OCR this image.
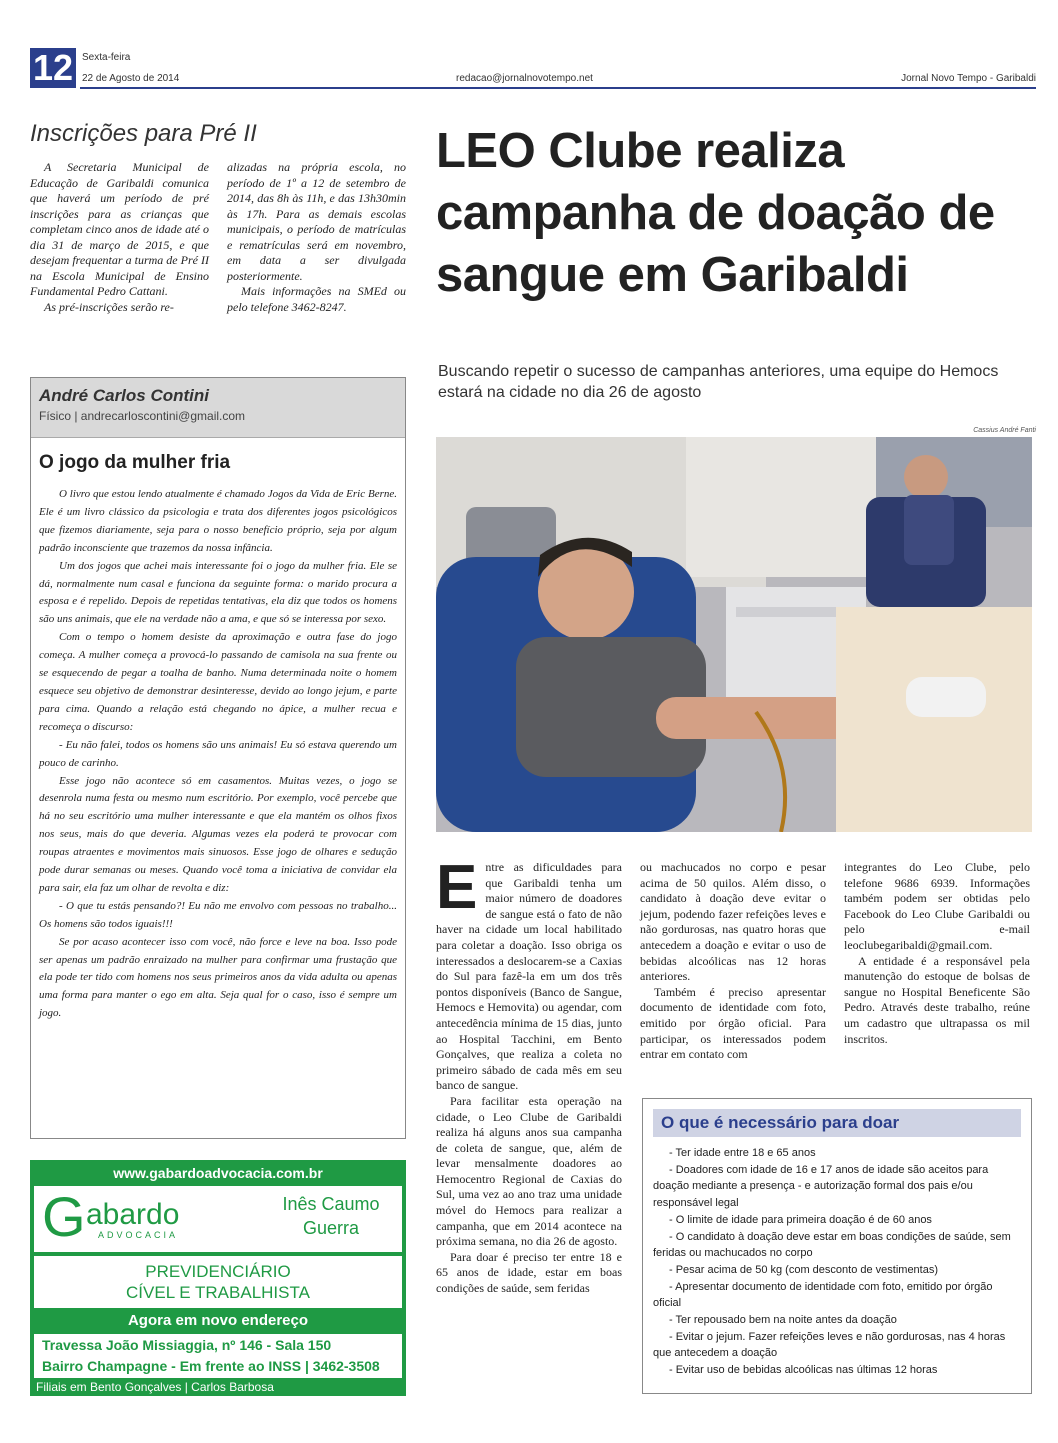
12 Sexta-feira
22 de Agosto de 2014	redacao@jornalnovotempo.net	Jornal Novo Tempo - Garibaldi
Inscrições para Pré II

A Secretaria Municipal de Educação de Garibaldi comunica que haverá um período de pré inscrições para as crianças que completam cinco anos de idade até o dia 31 de março de 2015, e que desejam frequentar a turma de Pré II na Escola Municipal de Ensino Fundamental Pedro Cattani.

As pré-inscrições serão re-

alizadas na própria escola, no período de 1º a 12 de setembro de 2014, das 8h às 11h, e das 13h30min às 17h. Para as demais escolas municipais, o período de matrículas e rematrículas será em novembro, em data a ser divulgada posteriormente.

Mais informações na SMEd ou pelo telefone 3462-8247.

André Carlos Contini
Físico | andrecarloscontini@gmail.com
O jogo da mulher fria

O livro que estou lendo atualmente é chamado Jogos da Vida de Eric Berne. Ele é um livro clássico da psicologia e trata dos diferentes jogos psicológicos que fizemos diariamente, seja para o nosso benefício próprio, seja por algum padrão inconsciente que trazemos da nossa infância.

Um dos jogos que achei mais interessante foi o jogo da mulher fria. Ele se dá, normalmente num casal e funciona da seguinte forma: o marido procura a esposa e é repelido. Depois de repetidas tentativas, ela diz que todos os homens são uns animais, que ele na verdade não a ama, e que só se interessa por sexo.

Com o tempo o homem desiste da aproximação e outra fase do jogo começa. A mulher começa a provocá-lo passando de camisola na sua frente ou se esquecendo de pegar a toalha de banho. Numa determinada noite o homem esquece seu objetivo de demonstrar desinteresse, devido ao longo jejum, e parte para cima. Quando a relação está chegando no ápice, a mulher recua e recomeça o discurso:

- Eu não falei, todos os homens são uns animais! Eu só estava querendo um pouco de carinho.

Esse jogo não acontece só em casamentos. Muitas vezes, o jogo se desenrola numa festa ou mesmo num escritório. Por exemplo, você percebe que há no seu escritório uma mulher interessante e que ela mantém os olhos fixos nos seus, mais do que deveria. Algumas vezes ela poderá te provocar com roupas atraentes e movimentos mais sinuosos. Esse jogo de olhares e sedução pode durar semanas ou meses. Quando você toma a iniciativa de convidar ela para sair, ela faz um olhar de revolta e diz:

- O que tu estás pensando?! Eu não me envolvo com pessoas no trabalho... Os homens são todos iguais!!!

Se por acaso acontecer isso com você, não force e leve na boa. Isso pode ser apenas um padrão enraizado na mulher para confirmar uma frustação que ela pode ter tido com homens nos seus primeiros anos da vida adulta ou apenas uma forma para manter o ego em alta. Seja qual for o caso, isso é sempre um jogo.

www.gabardoadvocacia.com.br
G abardo
ADVOCACIA
Inês Caumo
Guerra
PREVIDENCIÁRIO
CÍVEL E TRABALHISTA
Agora em novo endereço
Travessa João Missiaggia, nº 146 - Sala 150
Bairro Champagne - Em frente ao INSS | 3462-3508
Filiais em Bento Gonçalves | Carlos Barbosa
LEO Clube realiza campanha de doação de sangue em Garibaldi
Buscando repetir o sucesso de campanhas anteriores, uma equipe do Hemocs estará na cidade no dia 26 de agosto
Cassius André Fanti

Entre as dificuldades para que Garibaldi tenha um maior número de doadores de sangue está o fato de não haver na cidade um local habilitado para coletar a doação. Isso obriga os interessados a deslocarem-se a Caxias do Sul para fazê-la em um dos três pontos disponíveis (Banco de Sangue, Hemocs e Hemovita) ou agendar, com antecedência mínima de 15 dias, junto ao Hospital Tacchini, em Bento Gonçalves, que realiza a coleta no primeiro sábado de cada mês em seu banco de sangue.

Para facilitar esta operação na cidade, o Leo Clube de Garibaldi realiza há alguns anos sua campanha de coleta de sangue, que, além de levar mensalmente doadores ao Hemocentro Regional de Caxias do Sul, uma vez ao ano traz uma unidade móvel do Hemocs para realizar a campanha, que em 2014 acontece na próxima semana, no dia 26 de agosto.

Para doar é preciso ter entre 18 e 65 anos de idade, estar em boas condições de saúde, sem feridas

ou machucados no corpo e pesar acima de 50 quilos. Além disso, o candidato à doação deve evitar o jejum, podendo fazer refeições leves e não gordurosas, nas quatro horas que antecedem a doação e evitar o uso de bebidas alcoólicas nas 12 horas anteriores.

Também é preciso apresentar documento de identidade com foto, emitido por órgão oficial. Para participar, os interessados podem entrar em contato com

integrantes do Leo Clube, pelo telefone 9686 6939. Informações também podem ser obtidas pelo Facebook do Leo Clube Garibaldi ou pelo e-mail leoclubegaribaldi@gmail.com.

A entidade é a responsável pela manutenção do estoque de bolsas de sangue no Hospital Beneficente São Pedro. Através deste trabalho, reúne um cadastro que ultrapassa os mil inscritos.

O que é necessário para doar
- Ter idade entre 18 e 65 anos
- Doadores com idade de 16 e 17 anos de idade são aceitos para doação mediante a presença - e autorização formal dos pais e/ou responsável legal
- O limite de idade para primeira doação é de 60 anos
- O candidato à doação deve estar em boas condições de saúde, sem feridas ou machucados no corpo
- Pesar acima de 50 kg (com desconto de vestimentas)
- Apresentar documento de identidade com foto, emitido por órgão oficial
- Ter repousado bem na noite antes da doação
- Evitar o jejum. Fazer refeições leves e não gordurosas, nas 4 horas que antecedem a doação
- Evitar uso de bebidas alcoólicas nas últimas 12 horas
